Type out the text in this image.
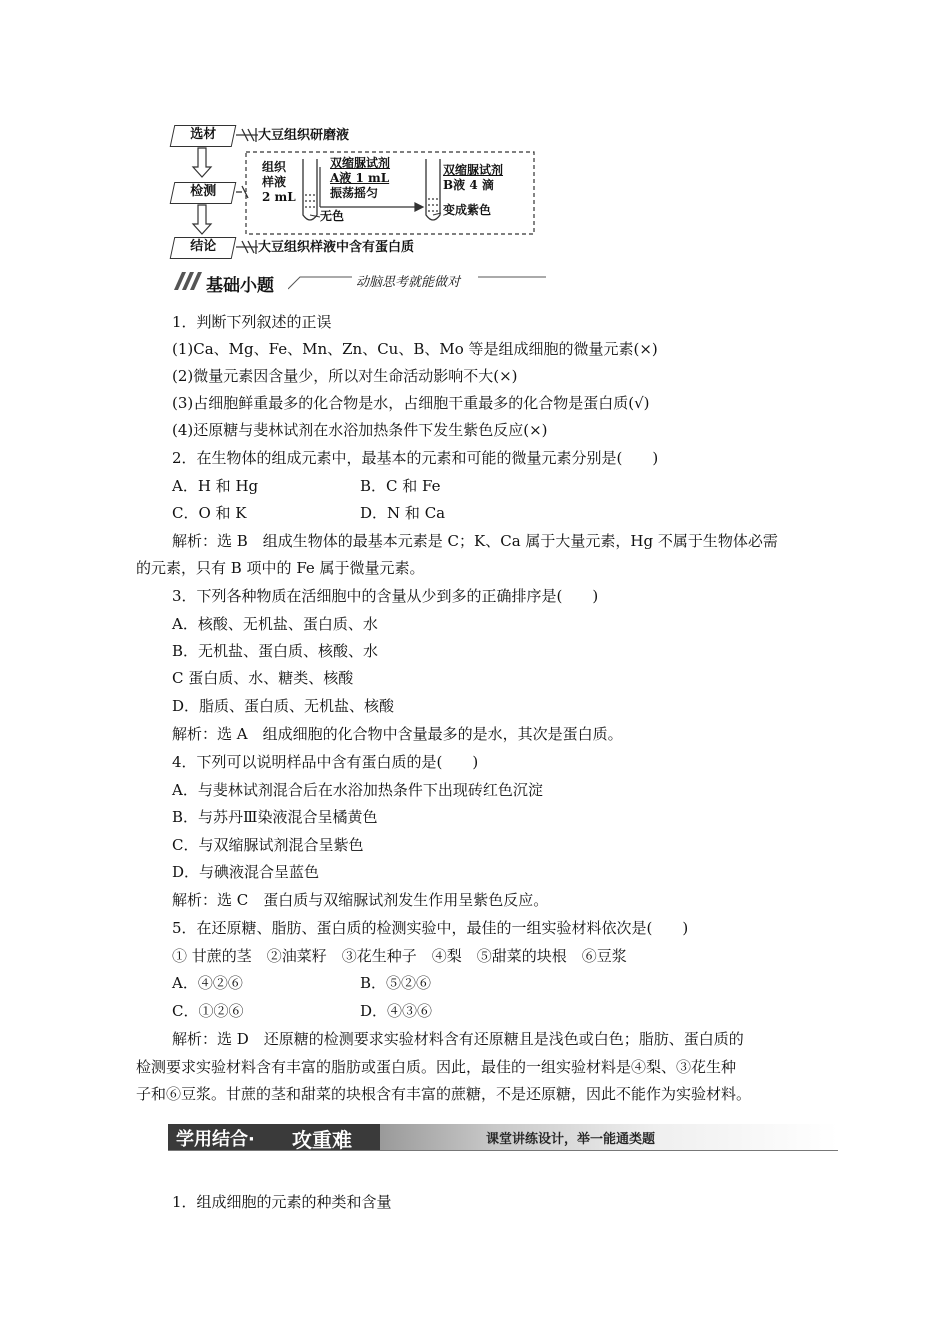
选材	大豆组织研磨液
检测
结论	大豆组织样液中含有蛋白质
组织
样液
2 mL
无色
双缩脲试剂
A液 1 mL
振荡摇匀
双缩脲试剂
B液 4 滴
变成紫色
基础小题	动脑思考就能做对
1．判断下列叙述的正误
(1)Ca、Mg、Fe、Mn、Zn、Cu、B、Mo 等是组成细胞的微量元素(×)
(2)微量元素因含量少，所以对生命活动影响不大(×)
(3)占细胞鲜重最多的化合物是水，占细胞干重最多的化合物是蛋白质(√)
(4)还原糖与斐林试剂在水浴加热条件下发生紫色反应(×)
2．在生物体的组成元素中，最基本的元素和可能的微量元素分别是(　　)
A．H 和 Hg	B．C 和 Fe
C．O 和 K	D．N 和 Ca
解析：选 B　组成生物体的最基本元素是 C；K、Ca 属于大量元素，Hg 不属于生物体必需
的元素，只有 B 项中的 Fe 属于微量元素。
3．下列各种物质在活细胞中的含量从少到多的正确排序是(　　)
A．核酸、无机盐、蛋白质、水
B．无机盐、蛋白质、核酸、水
C 蛋白质、水、糖类、核酸
D．脂质、蛋白质、无机盐、核酸
解析：选 A　组成细胞的化合物中含量最多的是水，其次是蛋白质。
4．下列可以说明样品中含有蛋白质的是(　　)
A．与斐林试剂混合后在水浴加热条件下出现砖红色沉淀
B．与苏丹Ⅲ染液混合呈橘黄色
C．与双缩脲试剂混合呈紫色
D．与碘液混合呈蓝色
解析：选 C　蛋白质与双缩脲试剂发生作用呈紫色反应。
5．在还原糖、脂肪、蛋白质的检测实验中，最佳的一组实验材料依次是(　　)
① 甘蔗的茎　②油菜籽　③花生种子　④梨　⑤甜菜的块根　⑥豆浆
A．④②⑥	B．⑤②⑥
C．①②⑥	D．④③⑥
解析：选 D　还原糖的检测要求实验材料含有还原糖且是浅色或白色；脂肪、蛋白质的
检测要求实验材料含有丰富的脂肪或蛋白质。因此，最佳的一组实验材料是④梨、③花生种
子和⑥豆浆。甘蔗的茎和甜菜的块根含有丰富的蔗糖，不是还原糖，因此不能作为实验材料。
学用结合· 攻重难	课堂讲练设计，举一能通类题
1．组成细胞的元素的种类和含量
